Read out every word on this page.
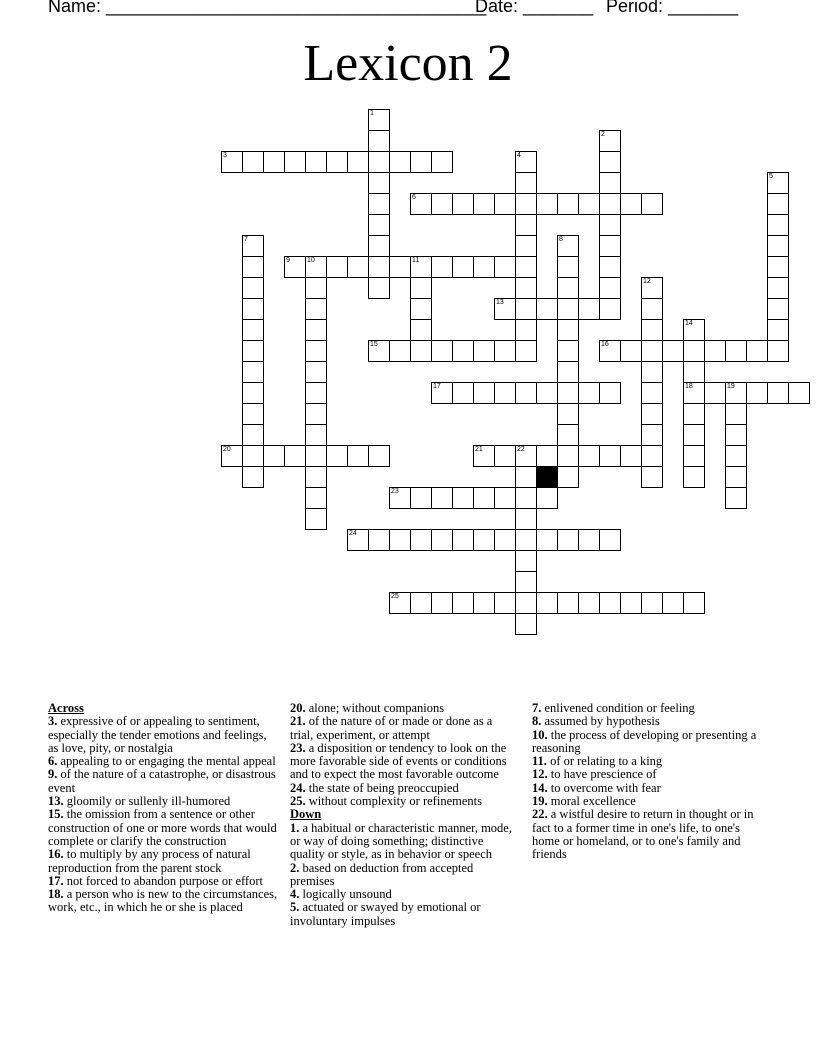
Name: ______________________________________
Date: _______ Period: _______
Lexicon 2
1
2
3	4
5
6
7	8
9 10	11
12
13
14
18
15	16
17	19
20	21	22
23
24
25
Across
3. expressive of or appealing to sentiment, especially the tender emotions and feelings, as love, pity, or nostalgia
6. appealing to or engaging the mental appeal
9. of the nature of a catastrophe, or disastrous event
13. gloomily or sullenly ill-humored
15. the omission from a sentence or other construction of one or more words that would complete or clarify the construction
16. to multiply by any process of natural reproduction from the parent stock
17. not forced to abandon purpose or effort
18. a person who is new to the circumstances, work, etc., in which he or she is placed
20. alone; without companions
21. of the nature of or made or done as a trial, experiment, or attempt
23. a disposition or tendency to look on the more favorable side of events or conditions and to expect the most favorable outcome
24. the state of being preoccupied
25. without complexity or refinements
Down
1. a habitual or characteristic manner, mode, or way of doing something; distinctive quality or style, as in behavior or speech
2. based on deduction from accepted premises
4. logically unsound
5. actuated or swayed by emotional or involuntary impulses
7. enlivened condition or feeling
8. assumed by hypothesis
10. the process of developing or presenting a reasoning
11. of or relating to a king
12. to have prescience of
14. to overcome with fear
19. moral excellence
22. a wistful desire to return in thought or in fact to a former time in one's life, to one's home or homeland, or to one's family and friends
